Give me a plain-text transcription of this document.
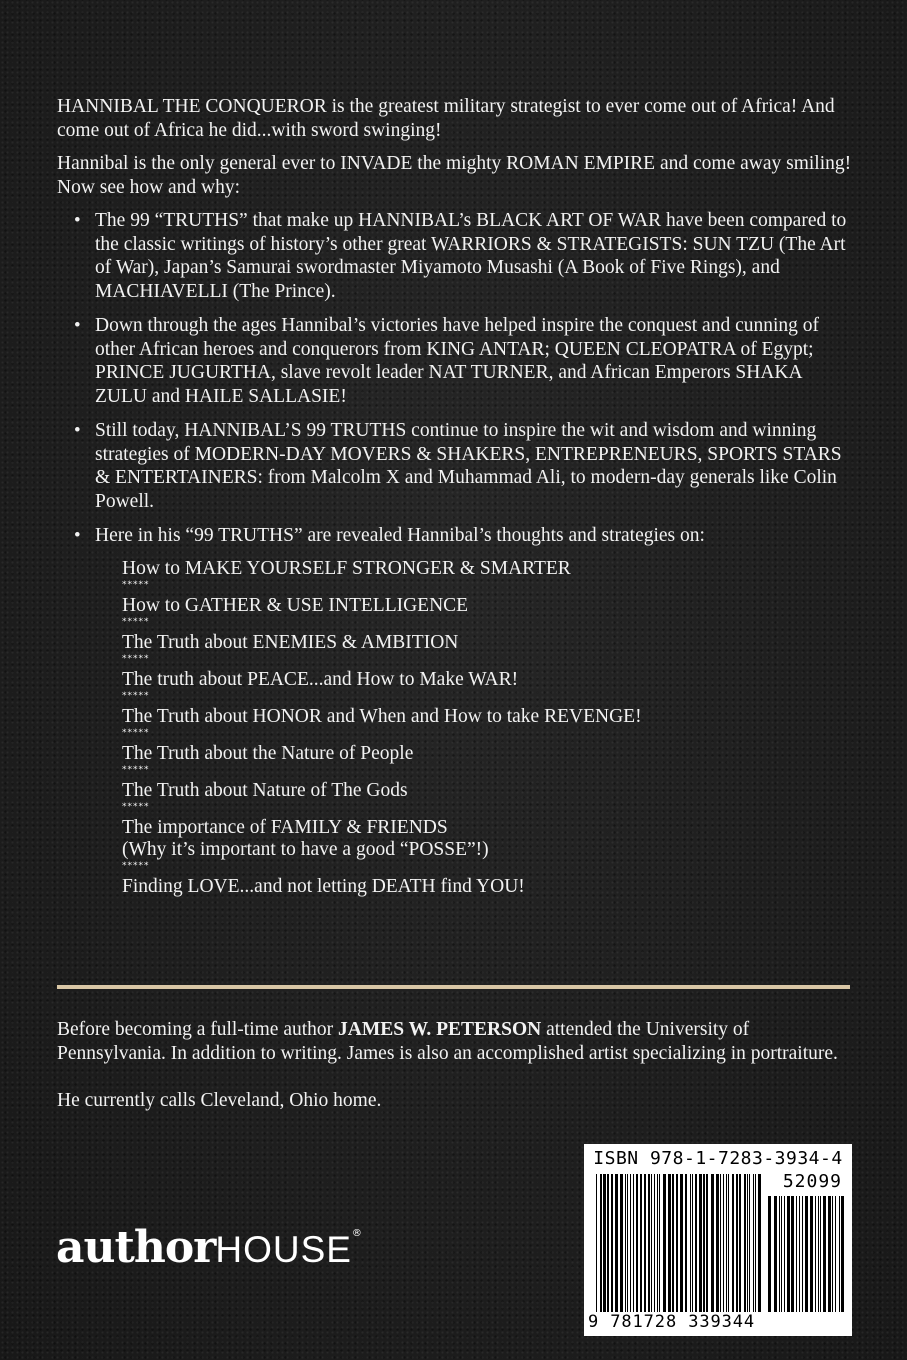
HANNIBAL THE CONQUEROR is the greatest military strategist to ever come out of Africa! And come out of Africa he did...with sword swinging!

Hannibal is the only general ever to INVADE the mighty ROMAN EMPIRE and come away smiling! Now see how and why:

• The 99 “TRUTHS” that make up HANNIBAL’s BLACK ART OF WAR have been compared to the classic writings of history’s other great WARRIORS & STRATEGISTS: SUN TZU (The Art of War), Japan’s Samurai swordmaster Miyamoto Musashi (A Book of Five Rings), and MACHIAVELLI (The Prince).
• Down through the ages Hannibal’s victories have helped inspire the conquest and cunning of other African heroes and conquerors from KING ANTAR; QUEEN CLEOPATRA of Egypt; PRINCE JUGURTHA, slave revolt leader NAT TURNER, and African Emperors SHAKA ZULU and HAILE SALLASIE!
• Still today, HANNIBAL’S 99 TRUTHS continue to inspire the wit and wisdom and winning strategies of MODERN-DAY MOVERS & SHAKERS, ENTREPRENEURS, SPORTS STARS & ENTERTAINERS: from Malcolm X and Muhammad Ali, to modern-day generals like Colin Powell.
• Here in his “99 TRUTHS” are revealed Hannibal’s thoughts and strategies on:
How to MAKE YOURSELF STRONGER & SMARTER
*****
How to GATHER & USE INTELLIGENCE
*****
The Truth about ENEMIES & AMBITION
*****
The truth about PEACE...and How to Make WAR!
*****
The Truth about HONOR and When and How to take REVENGE!
*****
The Truth about the Nature of People
*****
The Truth about Nature of The Gods
*****
The importance of FAMILY & FRIENDS
(Why it’s important to have a good “POSSE”!)
*****
Finding LOVE...and not letting DEATH find YOU!

Before becoming a full-time author JAMES W. PETERSON attended the University of Pennsylvania. In addition to writing. James is also an accomplished artist specializing in portraiture.

He currently calls Cleveland, Ohio home.

authorHOUSE®
ISBN 978-1-7283-3934-4
52099
9 781728 339344
